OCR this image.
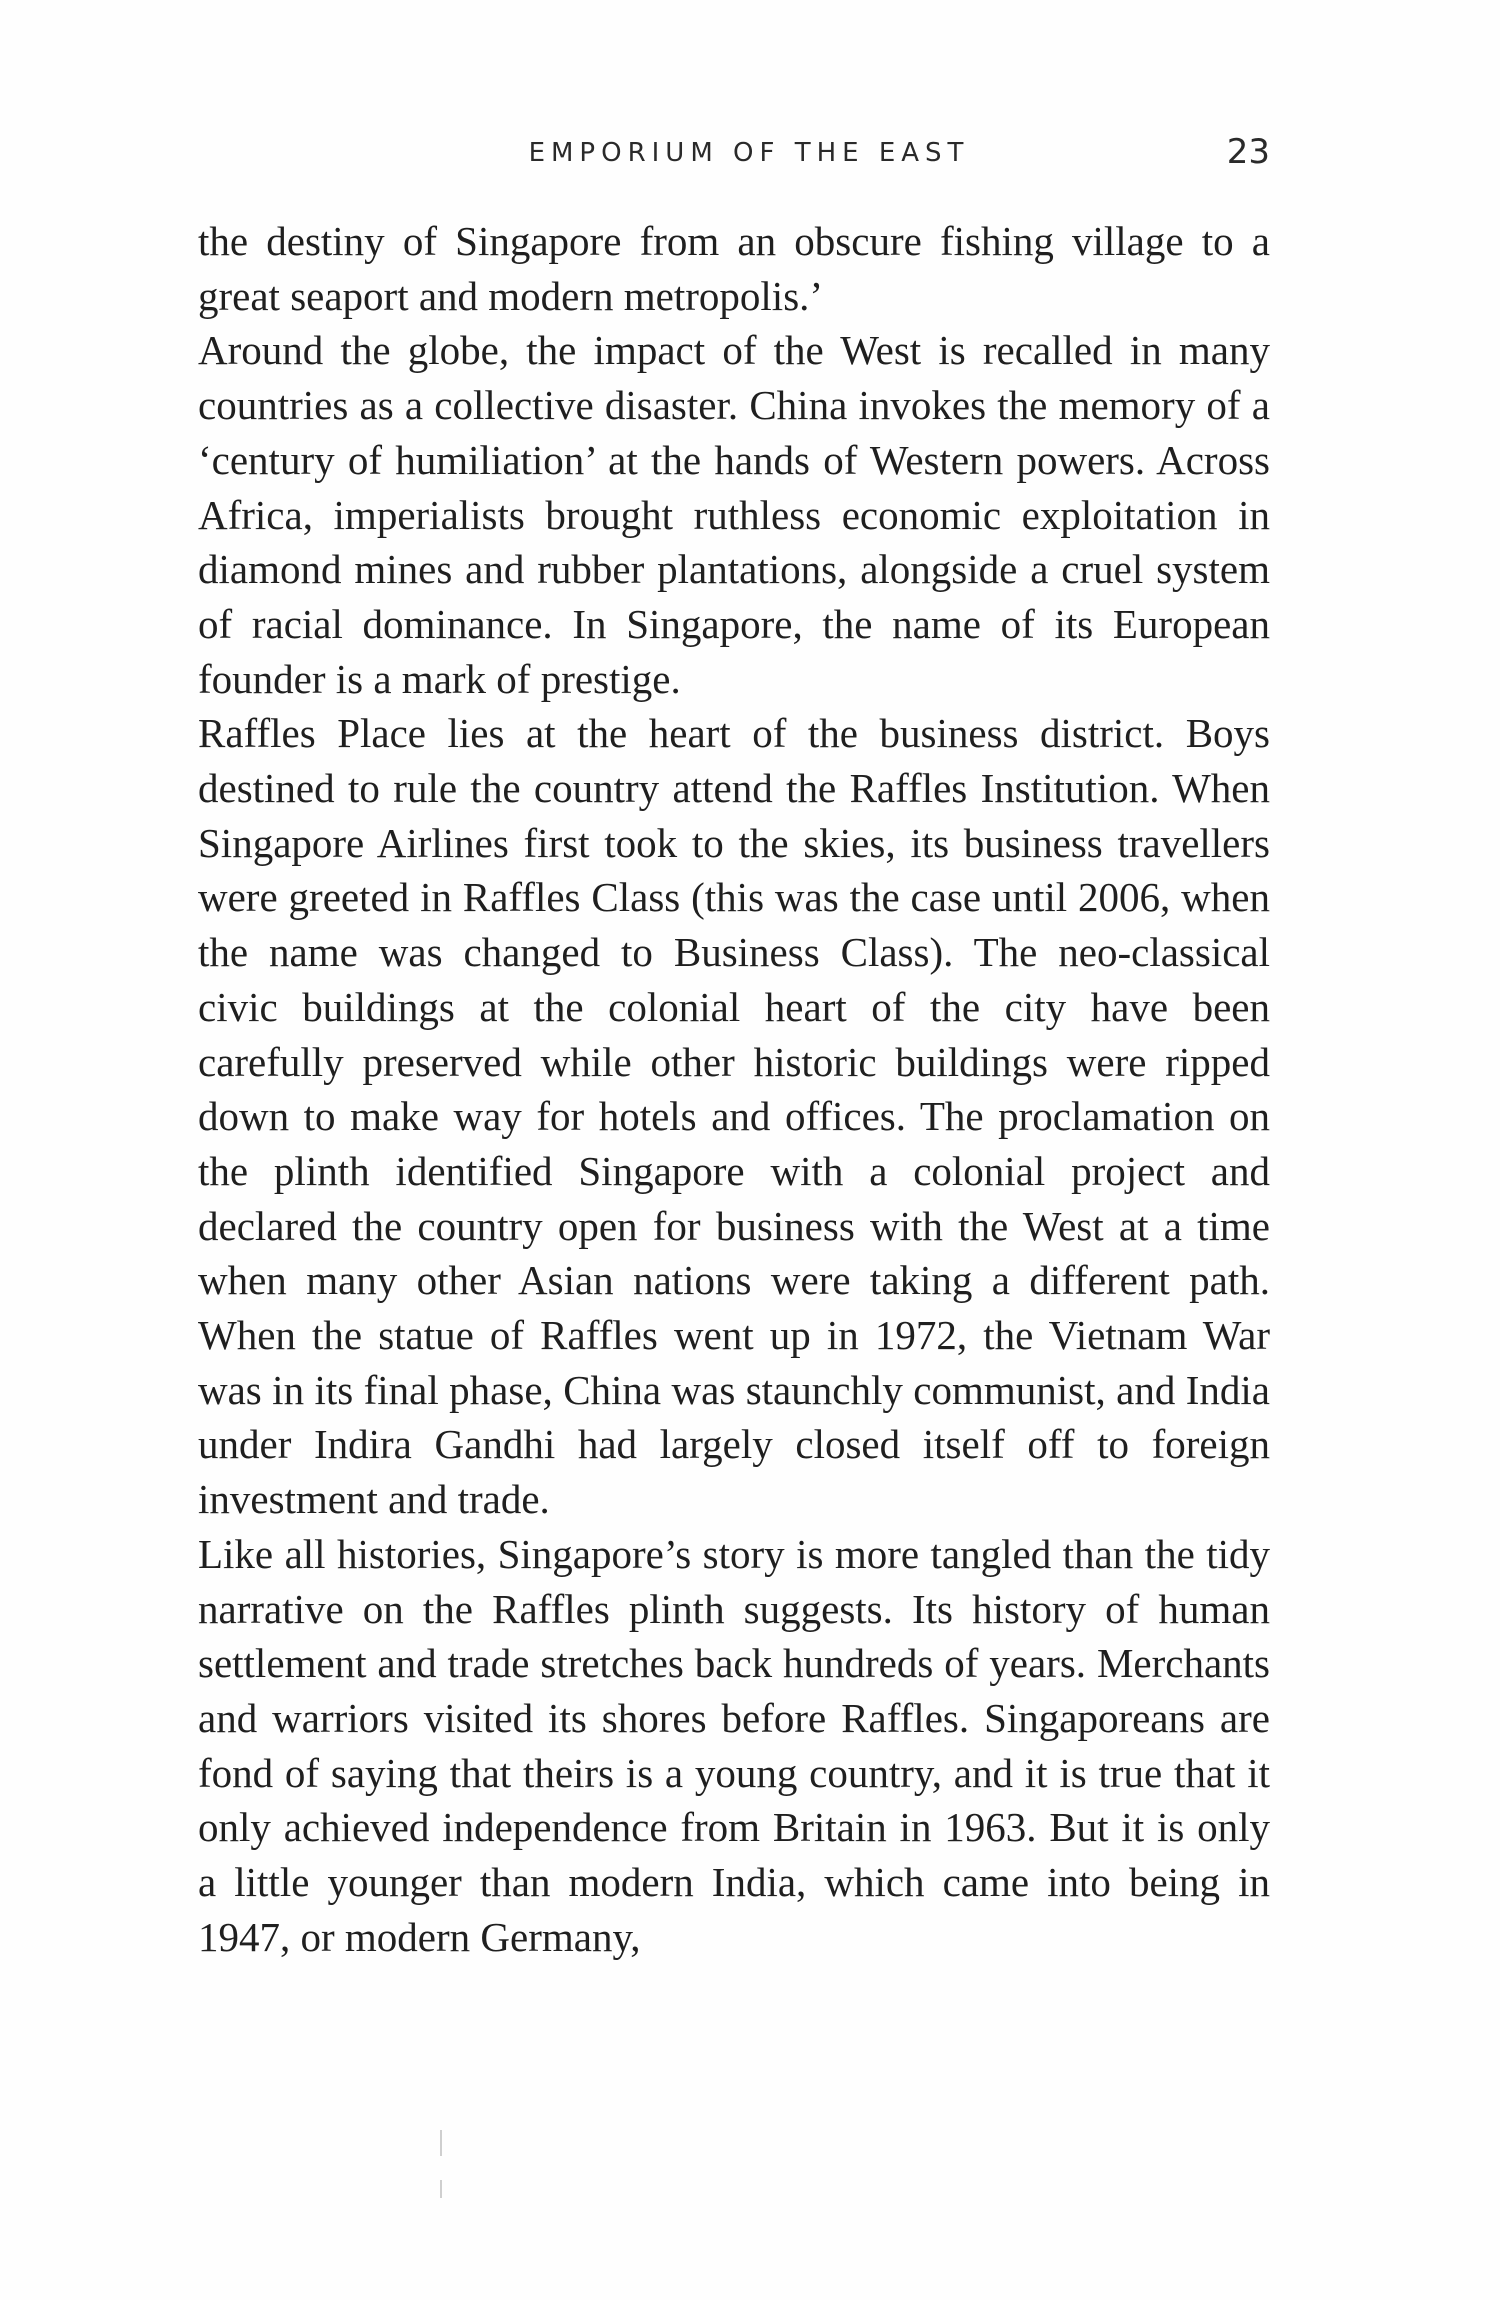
EMPORIUM OF THE EAST	23

the destiny of Singapore from an obscure fishing village to a great seaport and modern metropolis.’

Around the globe, the impact of the West is recalled in many countries as a collective disaster. China invokes the memory of a ‘century of humiliation’ at the hands of Western powers. Across Africa, imperialists brought ruthless economic exploitation in diamond mines and rubber plantations, alongside a cruel system of racial dominance. In Singapore, the name of its European founder is a mark of prestige.

Raffles Place lies at the heart of the business district. Boys destined to rule the country attend the Raffles Institution. When Singapore Airlines first took to the skies, its business travellers were greeted in Raffles Class (this was the case until 2006, when the name was changed to Business Class). The neo-classical civic buildings at the colonial heart of the city have been carefully preserved while other historic buildings were ripped down to make way for hotels and offices. The proclamation on the plinth identified Singapore with a colonial project and declared the country open for business with the West at a time when many other Asian nations were taking a different path. When the statue of Raffles went up in 1972, the Vietnam War was in its final phase, China was staunchly communist, and India under Indira Gandhi had largely closed itself off to foreign investment and trade.

Like all histories, Singapore’s story is more tangled than the tidy narrative on the Raffles plinth suggests. Its history of human settlement and trade stretches back hundreds of years. Merchants and warriors visited its shores before Raffles. Singaporeans are fond of saying that theirs is a young country, and it is true that it only achieved independence from Britain in 1963. But it is only a little younger than modern India, which came into being in 1947, or modern Germany,
